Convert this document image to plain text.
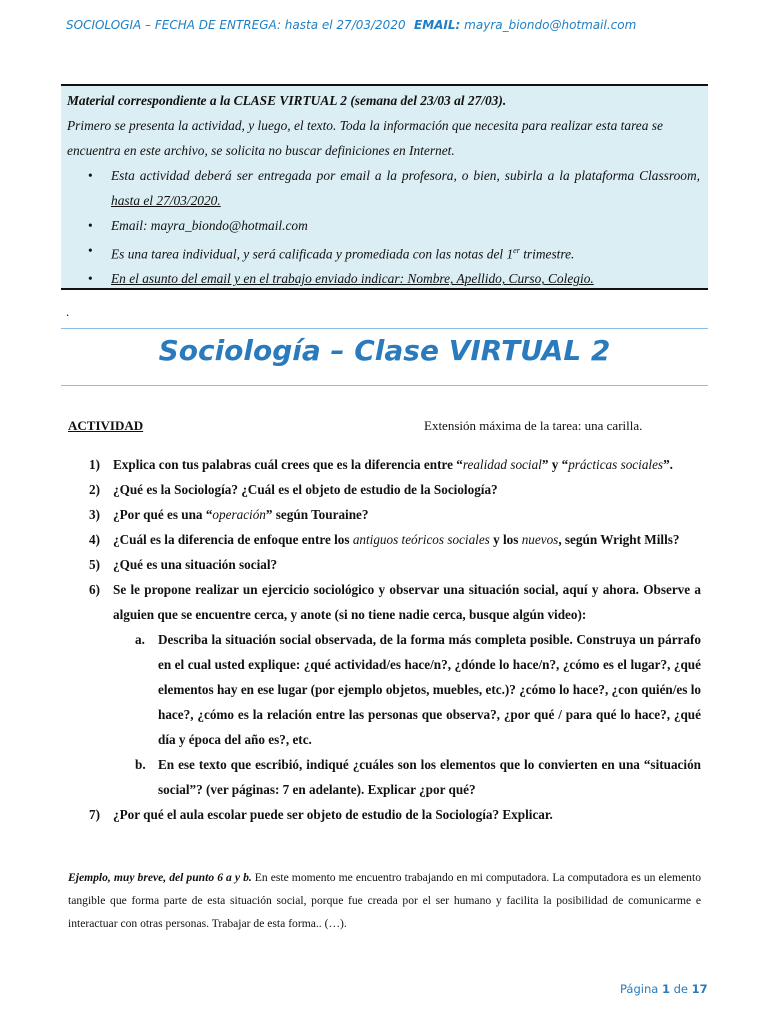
SOCIOLOGIA – FECHA DE ENTREGA: hasta el 27/03/2020 EMAIL: mayra_biondo@hotmail.com
Material correspondiente a la CLASE VIRTUAL 2 (semana del 23/03 al 27/03).
Primero se presenta la actividad, y luego, el texto. Toda la información que necesita para realizar esta tarea se encuentra en este archivo, se solicita no buscar definiciones en Internet.
• Esta actividad deberá ser entregada por email a la profesora, o bien, subirla a la plataforma Classroom, hasta el 27/03/2020.
• Email: mayra_biondo@hotmail.com
• Es una tarea individual, y será calificada y promediada con las notas del 1er trimestre.
• En el asunto del email y en el trabajo enviado indicar: Nombre, Apellido, Curso, Colegio.
.
Sociología – Clase VIRTUAL 2
ACTIVIDAD	Extensión máxima de la tarea: una carilla.
1) Explica con tus palabras cuál crees que es la diferencia entre “realidad social” y “prácticas sociales”.
2) ¿Qué es la Sociología? ¿Cuál es el objeto de estudio de la Sociología?
3) ¿Por qué es una “operación” según Touraine?
4) ¿Cuál es la diferencia de enfoque entre los antiguos teóricos sociales y los nuevos, según Wright Mills?
5) ¿Qué es una situación social?
6) Se le propone realizar un ejercicio sociológico y observar una situación social, aquí y ahora. Observe a alguien que se encuentre cerca, y anote (si no tiene nadie cerca, busque algún video):
a. Describa la situación social observada, de la forma más completa posible. Construya un párrafo en el cual usted explique: ¿qué actividad/es hace/n?, ¿dónde lo hace/n?, ¿cómo es el lugar?, ¿qué elementos hay en ese lugar (por ejemplo objetos, muebles, etc.)? ¿cómo lo hace?, ¿con quién/es lo hace?, ¿cómo es la relación entre las personas que observa?, ¿por qué / para qué lo hace?, ¿qué día y época del año es?, etc.
b. En ese texto que escribió, indiqué ¿cuáles son los elementos que lo convierten en una “situación social”? (ver páginas: 7 en adelante). Explicar ¿por qué?
7) ¿Por qué el aula escolar puede ser objeto de estudio de la Sociología? Explicar.
Ejemplo, muy breve, del punto 6 a y b. En este momento me encuentro trabajando en mi computadora. La computadora es un elemento tangible que forma parte de esta situación social, porque fue creada por el ser humano y facilita la posibilidad de comunicarme e interactuar con otras personas. Trabajar de esta forma.. (…).
Página 1 de 17
